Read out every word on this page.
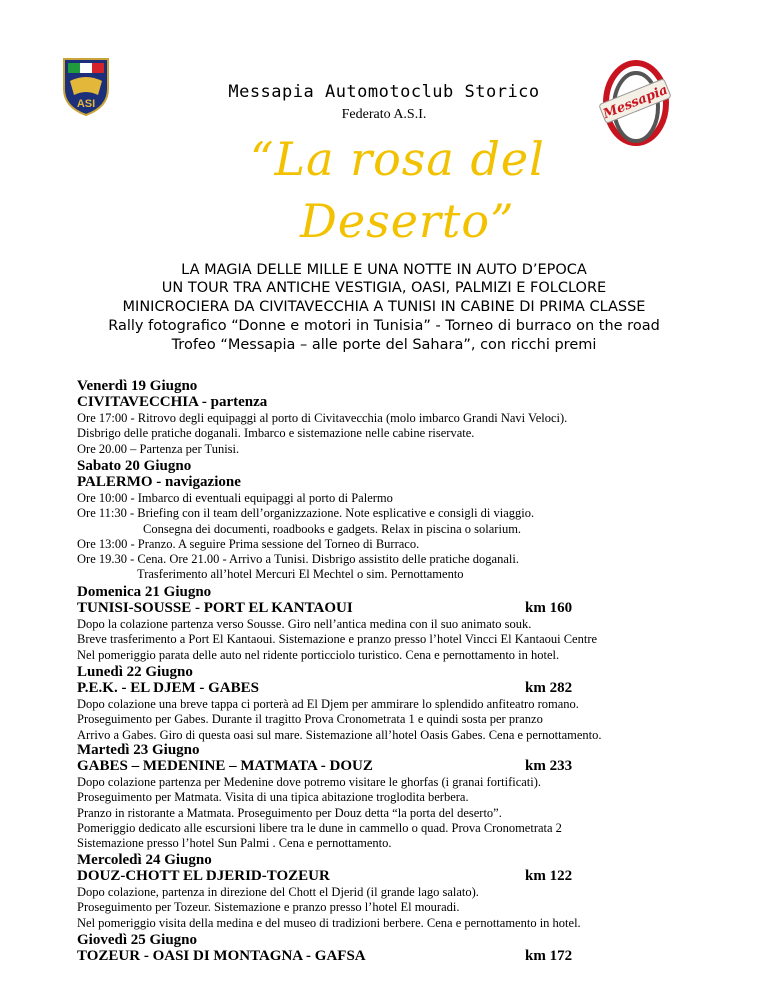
ASI	Messapia
Messapia Automotoclub Storico
Federato A.S.I.
“La rosa del
Deserto”
LA MAGIA DELLE MILLE E UNA NOTTE IN AUTO D’EPOCA
UN TOUR TRA ANTICHE VESTIGIA, OASI, PALMIZI E FOLCLORE
MINICROCIERA DA CIVITAVECCHIA A TUNISI IN CABINE DI PRIMA CLASSE
Rally fotografico “Donne e motori in Tunisia” - Torneo di burraco on the road
Trofeo “Messapia – alle porte del Sahara”, con ricchi premi
Venerdì 19 Giugno
CIVITAVECCHIA - partenza
Ore 17:00 - Ritrovo degli equipaggi al porto di Civitavecchia (molo imbarco Grandi Navi Veloci).
Disbrigo delle pratiche doganali. Imbarco e sistemazione nelle cabine riservate.
Ore 20.00 – Partenza per Tunisi.
Sabato 20 Giugno
PALERMO - navigazione
Ore 10:00 - Imbarco di eventuali equipaggi al porto di Palermo
Ore 11:30 - Briefing con il team dell’organizzazione. Note esplicative e consigli di viaggio.
Consegna dei documenti, roadbooks e gadgets. Relax in piscina o solarium.
Ore 13:00 - Pranzo. A seguire Prima sessione del Torneo di Burraco.
Ore 19.30 - Cena. Ore 21.00 - Arrivo a Tunisi. Disbrigo assistito delle pratiche doganali.
Trasferimento all’hotel Mercuri El Mechtel o sim. Pernottamento
Domenica 21 Giugno
TUNISI-SOUSSE - PORT EL KANTAOUI	km 160
Dopo la colazione partenza verso Sousse. Giro nell’antica medina con il suo animato souk.
Breve trasferimento a Port El Kantaoui. Sistemazione e pranzo presso l’hotel Vincci El Kantaoui Centre
Nel pomeriggio parata delle auto nel ridente porticciolo turistico. Cena e pernottamento in hotel.
Lunedì 22 Giugno
P.E.K. - EL DJEM - GABES	km 282
Dopo colazione una breve tappa ci porterà ad El Djem per ammirare lo splendido anfiteatro romano.
Proseguimento per Gabes. Durante il tragitto Prova Cronometrata 1 e quindi sosta per pranzo
Arrivo a Gabes. Giro di questa oasi sul mare. Sistemazione all’hotel Oasis Gabes. Cena e pernottamento.
Martedì 23 Giugno
GABES – MEDENINE – MATMATA - DOUZ	km 233
Dopo colazione partenza per Medenine dove potremo visitare le ghorfas (i granai fortificati).
Proseguimento per Matmata. Visita di una tipica abitazione troglodita berbera.
Pranzo in ristorante a Matmata. Proseguimento per Douz detta “la porta del deserto”.
Pomeriggio dedicato alle escursioni libere tra le dune in cammello o quad. Prova Cronometrata 2
Sistemazione presso l’hotel Sun Palmi . Cena e pernottamento.
Mercoledì 24 Giugno
DOUZ-CHOTT EL DJERID-TOZEUR	km 122
Dopo colazione, partenza in direzione del Chott el Djerid (il grande lago salato).
Proseguimento per Tozeur. Sistemazione e pranzo presso l’hotel El mouradi.
Nel pomeriggio visita della medina e del museo di tradizioni berbere. Cena e pernottamento in hotel.
Giovedì 25 Giugno
TOZEUR - OASI DI MONTAGNA - GAFSA	km 172
